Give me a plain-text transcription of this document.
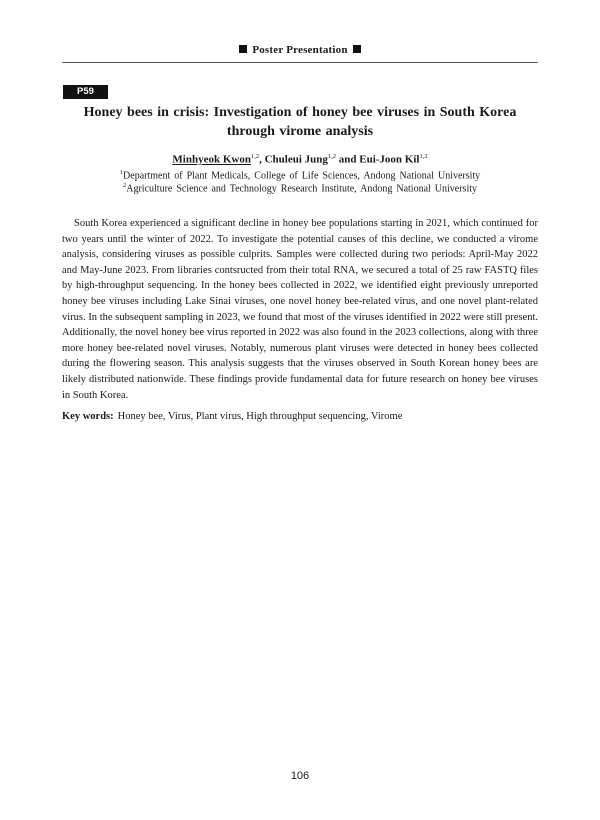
Poster Presentation
P59
Honey bees in crisis: Investigation of honey bee viruses in South Korea through virome analysis
Minhyeok Kwon$^{1,2}$, Chuleui Jung$^{1,2}$ and Eui-Joon Kil$^{1,2}$
$^1$Department of Plant Medicals, College of Life Sciences, Andong National University
$^2$Agriculture Science and Technology Research Institute, Andong National University

South Korea experienced a significant decline in honey bee populations starting in 2021, which continued for two years until the winter of 2022. To investigate the potential causes of this decline, we conducted a virome analysis, considering viruses as possible culprits. Samples were collected during two periods: April-May 2022 and May-June 2023. From libraries contsructed from their total RNA, we secured a total of 25 raw FASTQ files by high-throughput sequencing. In the honey bees collected in 2022, we identified eight previously unreported honey bee viruses including Lake Sinai viruses, one novel honey bee-related virus, and one novel plant-related virus. In the subsequent sampling in 2023, we found that most of the viruses identified in 2022 were still present. Additionally, the novel honey bee virus reported in 2022 was also found in the 2023 collections, along with three more honey bee-related novel viruses. Notably, numerous plant viruses were detected in honey bees collected during the flowering season. This analysis suggests that the viruses observed in South Korean honey bees are likely distributed nationwide. These findings provide fundamental data for future research on honey bee viruses in South Korea.

Key words: Honey bee, Virus, Plant virus, High throughput sequencing, Virome
106
